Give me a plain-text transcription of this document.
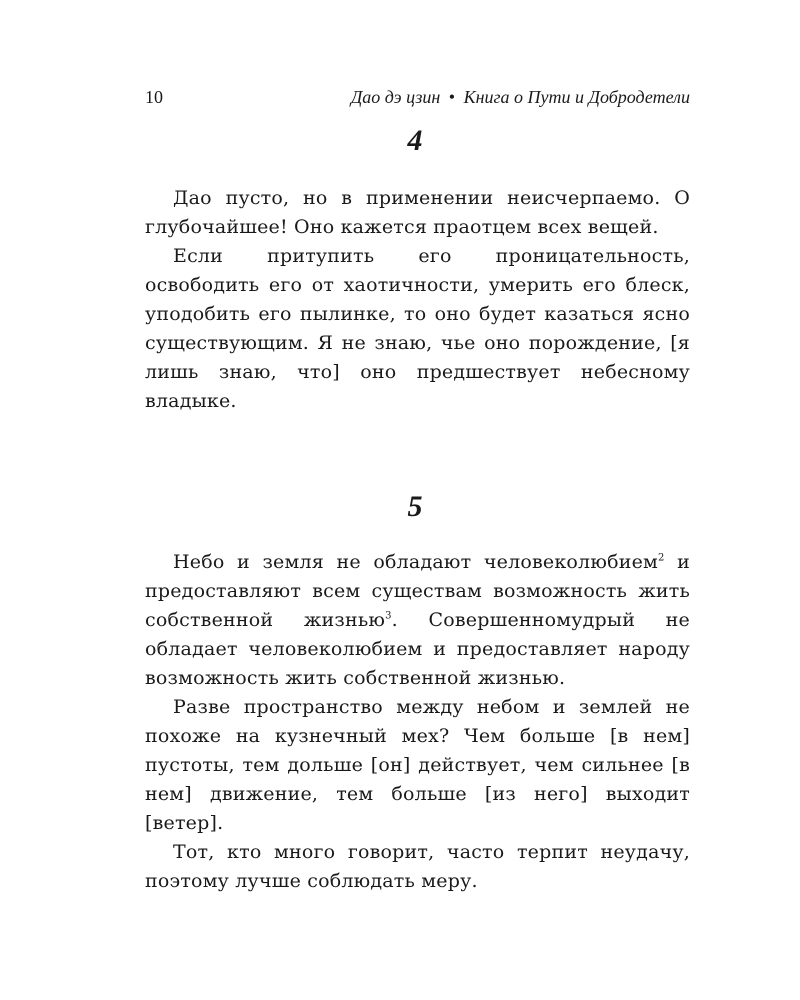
10	Дао дэ цзин • Книга о Пути и Добродетели
4

Дао пусто, но в применении неисчерпаемо. О глубочайшее! Оно кажется праотцем всех вещей.

Если притупить его проницательность, освободить его от хаотичности, умерить его блеск, уподобить его пылинке, то оно будет казаться ясно существующим. Я не знаю, чье оно порождение, [я лишь знаю, что] оно предшествует небесному владыке.

5

Небо и земля не обладают человеколюбием$^2$ и предоставляют всем существам возможность жить собственной жизнью$^3$. Совершенномудрый не обладает человеколюбием и предоставляет народу возможность жить собственной жизнью.

Разве пространство между небом и землей не похоже на кузнечный мех? Чем больше [в нем] пустоты, тем дольше [он] действует, чем сильнее [в нем] движение, тем больше [из него] выходит [ветер].

Тот, кто много говорит, часто терпит неудачу, поэтому лучше соблюдать меру.
